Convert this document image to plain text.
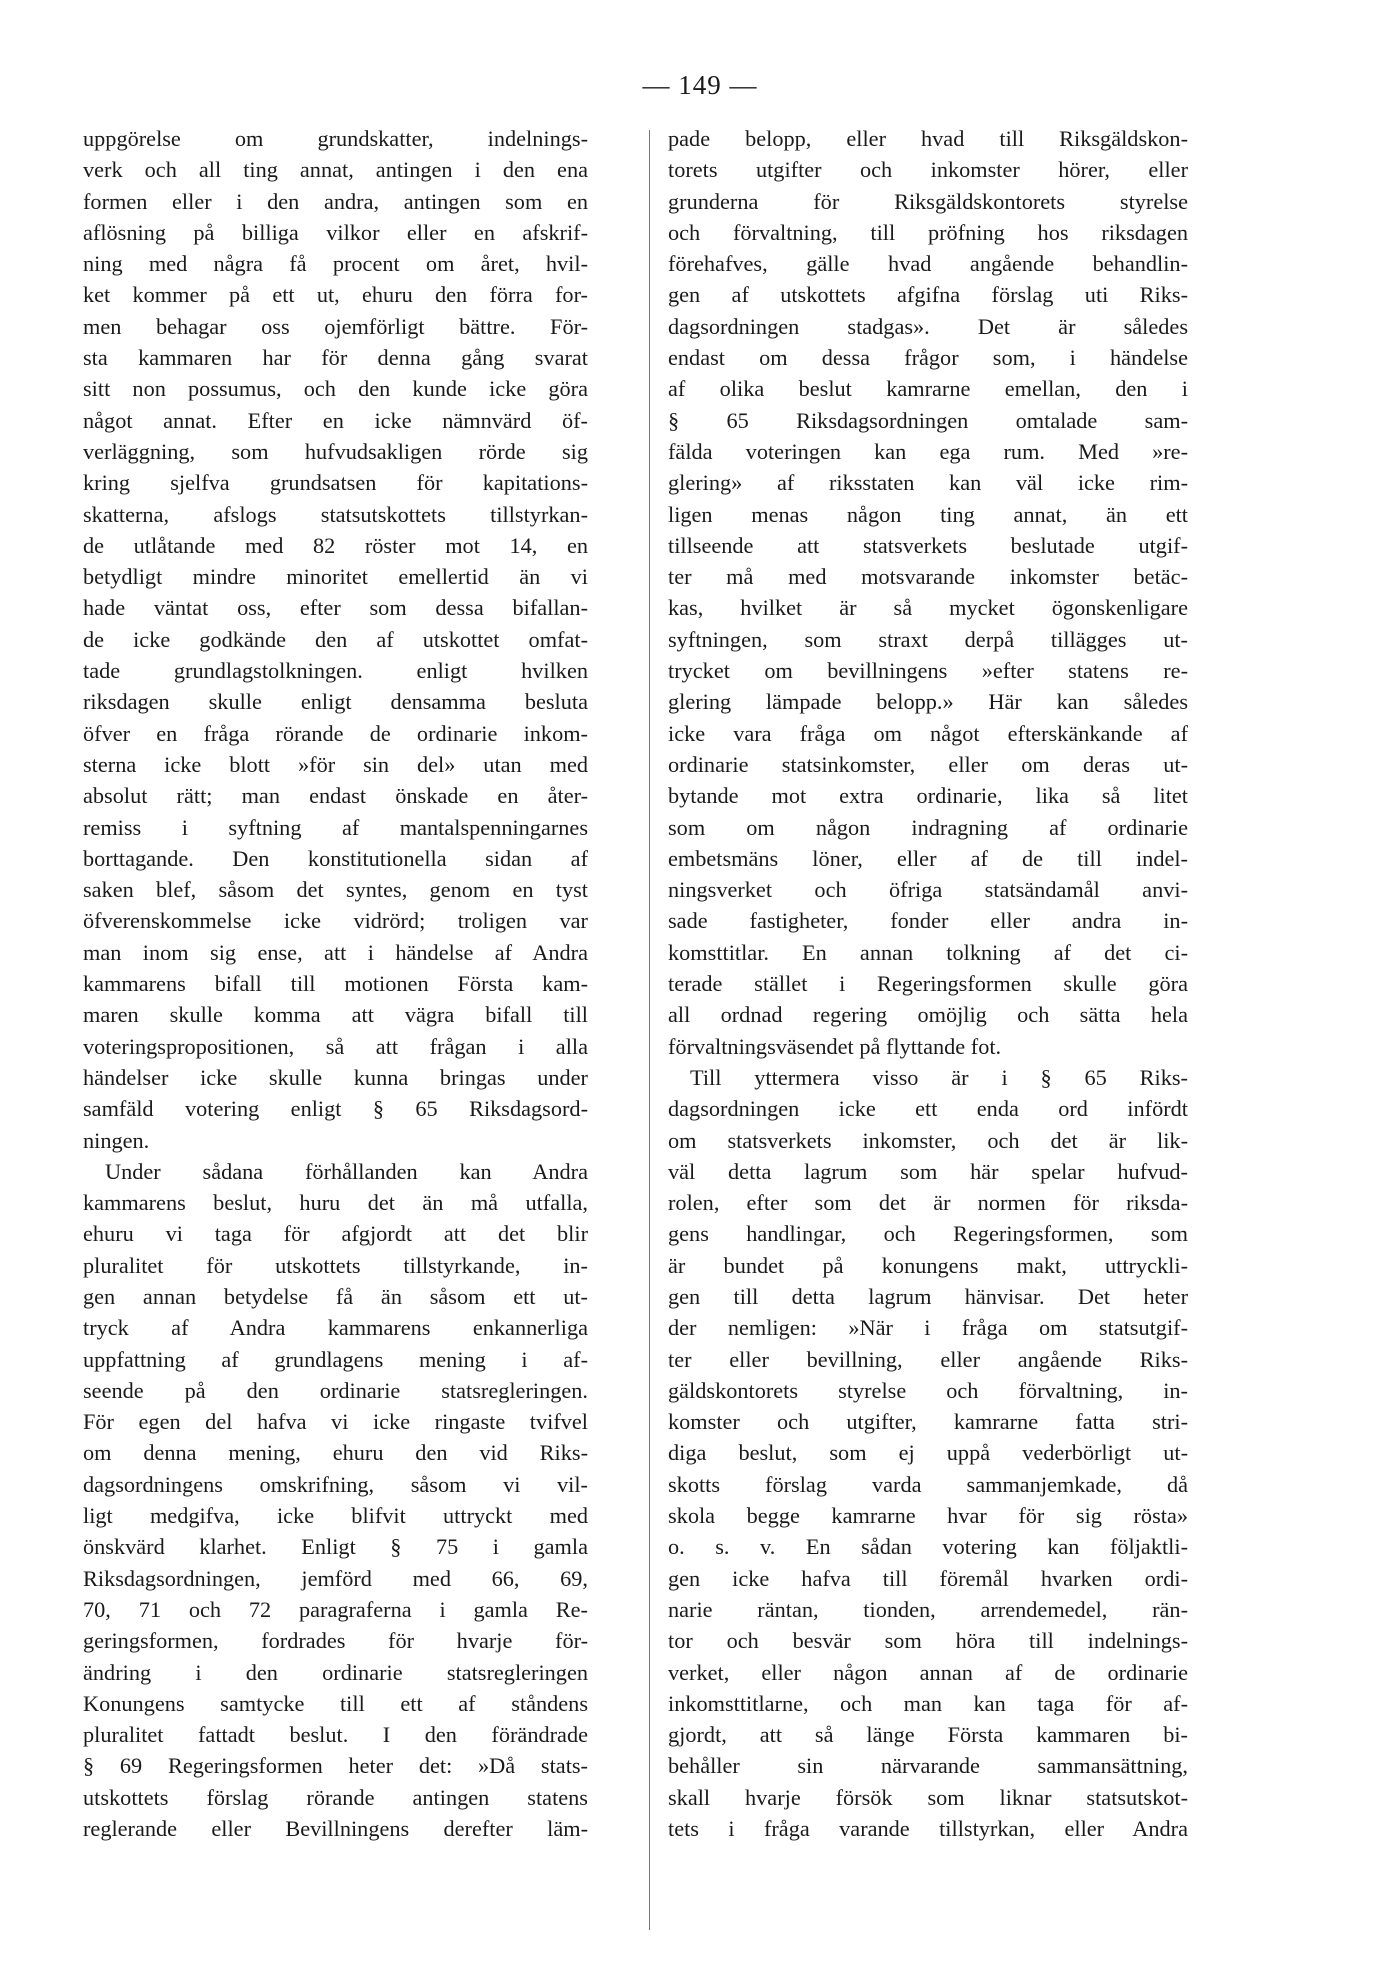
— 149 —
uppgörelse om grundskatter, indelnings-
verk och all ting annat, antingen i den ena
formen eller i den andra, antingen som en
aflösning på billiga vilkor eller en afskrif-
ning med några få procent om året, hvil-
ket kommer på ett ut, ehuru den förra for-
men behagar oss ojemförligt bättre. För-
sta kammaren har för denna gång svarat
sitt non possumus, och den kunde icke göra
något annat. Efter en icke nämnvärd öf-
verläggning, som hufvudsakligen rörde sig
kring sjelfva grundsatsen för kapitations-
skatterna, afslogs statsutskottets tillstyrkan-
de utlåtande med 82 röster mot 14, en
betydligt mindre minoritet emellertid än vi
hade väntat oss, efter som dessa bifallan-
de icke godkände den af utskottet omfat-
tade grundlagstolkningen. enligt hvilken
riksdagen skulle enligt densamma besluta
öfver en fråga rörande de ordinarie inkom-
sterna icke blott »för sin del» utan med
absolut rätt; man endast önskade en åter-
remiss i syftning af mantalspenningarnes
borttagande. Den konstitutionella sidan af
saken blef, såsom det syntes, genom en tyst
öfverenskommelse icke vidrörd; troligen var
man inom sig ense, att i händelse af Andra
kammarens bifall till motionen Första kam-
maren skulle komma att vägra bifall till
voteringspropositionen, så att frågan i alla
händelser icke skulle kunna bringas under
samfäld votering enligt § 65 Riksdagsord-
ningen.
Under sådana förhållanden kan Andra
kammarens beslut, huru det än må utfalla,
ehuru vi taga för afgjordt att det blir
pluralitet för utskottets tillstyrkande, in-
gen annan betydelse få än såsom ett ut-
tryck af Andra kammarens enkannerliga
uppfattning af grundlagens mening i af-
seende på den ordinarie statsregleringen.
För egen del hafva vi icke ringaste tvifvel
om denna mening, ehuru den vid Riks-
dagsordningens omskrifning, såsom vi vil-
ligt medgifva, icke blifvit uttryckt med
önskvärd klarhet. Enligt § 75 i gamla
Riksdagsordningen, jemförd med 66, 69,
70, 71 och 72 paragraferna i gamla Re-
geringsformen, fordrades för hvarje för-
ändring i den ordinarie statsregleringen
Konungens samtycke till ett af ståndens
pluralitet fattadt beslut. I den förändrade
§ 69 Regeringsformen heter det: »Då stats-
utskottets förslag rörande antingen statens
reglerande eller Bevillningens derefter läm-
pade belopp, eller hvad till Riksgäldskon-
torets utgifter och inkomster hörer, eller
grunderna för Riksgäldskontorets styrelse
och förvaltning, till pröfning hos riksdagen
förehafves, gälle hvad angående behandlin-
gen af utskottets afgifna förslag uti Riks-
dagsordningen stadgas». Det är således
endast om dessa frågor som, i händelse
af olika beslut kamrarne emellan, den i
§ 65 Riksdagsordningen omtalade sam-
fälda voteringen kan ega rum. Med »re-
glering» af riksstaten kan väl icke rim-
ligen menas någon ting annat, än ett
tillseende att statsverkets beslutade utgif-
ter må med motsvarande inkomster betäc-
kas, hvilket är så mycket ögonskenligare
syftningen, som straxt derpå tillägges ut-
trycket om bevillningens »efter statens re-
glering lämpade belopp.» Här kan således
icke vara fråga om något efterskänkande af
ordinarie statsinkomster, eller om deras ut-
bytande mot extra ordinarie, lika så litet
som om någon indragning af ordinarie
embetsmäns löner, eller af de till indel-
ningsverket och öfriga statsändamål anvi-
sade fastigheter, fonder eller andra in-
komsttitlar. En annan tolkning af det ci-
terade stället i Regeringsformen skulle göra
all ordnad regering omöjlig och sätta hela
förvaltningsväsendet på flyttande fot.
Till yttermera visso är i § 65 Riks-
dagsordningen icke ett enda ord infördt
om statsverkets inkomster, och det är lik-
väl detta lagrum som här spelar hufvud-
rolen, efter som det är normen för riksda-
gens handlingar, och Regeringsformen, som
är bundet på konungens makt, uttryckli-
gen till detta lagrum hänvisar. Det heter
der nemligen: »När i fråga om statsutgif-
ter eller bevillning, eller angående Riks-
gäldskontorets styrelse och förvaltning, in-
komster och utgifter, kamrarne fatta stri-
diga beslut, som ej uppå vederbörligt ut-
skotts förslag varda sammanjemkade, då
skola begge kamrarne hvar för sig rösta»
o. s. v. En sådan votering kan följaktli-
gen icke hafva till föremål hvarken ordi-
narie räntan, tionden, arrendemedel, rän-
tor och besvär som höra till indelnings-
verket, eller någon annan af de ordinarie
inkomsttitlarne, och man kan taga för af-
gjordt, att så länge Första kammaren bi-
behåller sin närvarande sammansättning,
skall hvarje försök som liknar statsutskot-
tets i fråga varande tillstyrkan, eller Andra
